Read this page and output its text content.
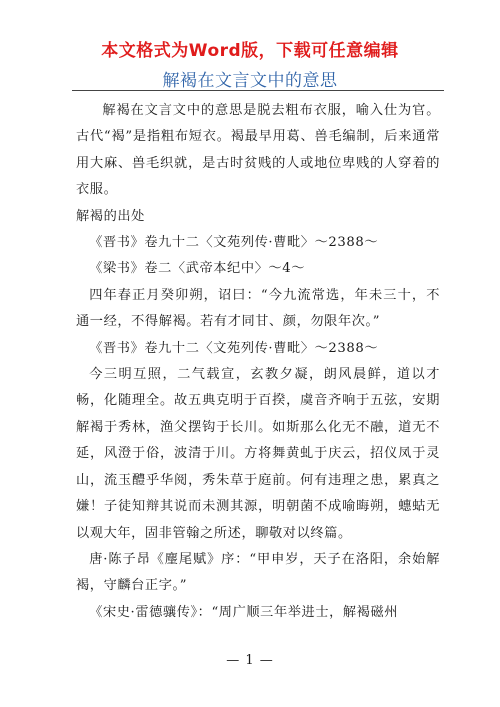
本文格式为Word版，下载可任意编辑
解褐在文言文中的意思

解褐在文言文中的意思是脱去粗布衣服，喻入仕为官。古代“褐”是指粗布短衣。褐最早用葛、兽毛编制，后来通常用大麻、兽毛织就，是古时贫贱的人或地位卑贱的人穿着的衣服。

解褐的出处

《晋书》卷九十二〈文苑列传·曹毗〉～2388～

《梁书》卷二〈武帝本纪中〉～4～

四年春正月癸卯朔，诏曰：“今九流常选，年未三十，不通一经，不得解褐。若有才同甘、颜，勿限年次。”

《晋书》卷九十二〈文苑列传·曹毗〉～2388～

今三明互照，二气载宣，玄教夕凝，朗风晨鲜，道以才畅，化随理全。故五典克明于百揆，虞音齐响于五弦，安期解褐于秀林，渔父摆钩于长川。如斯那么化无不融，道无不延，风澄于俗，波清于川。方将舞黄虬于庆云，招仪凤于灵山，流玉醴乎华阅，秀朱草于庭前。何有违理之患，累真之嫌！子徒知辩其说而未测其源，明朝菌不成喻晦朔，蟪蛄无以观大年，固非管翰之所述，聊敬对以终篇。

唐·陈子昂《麈尾赋》序：“甲申岁，天子在洛阳，余始解褐，守麟台正字。”

《宋史·雷德骧传》：“周广顺三年举进士，解褐磁州

— 1 —
